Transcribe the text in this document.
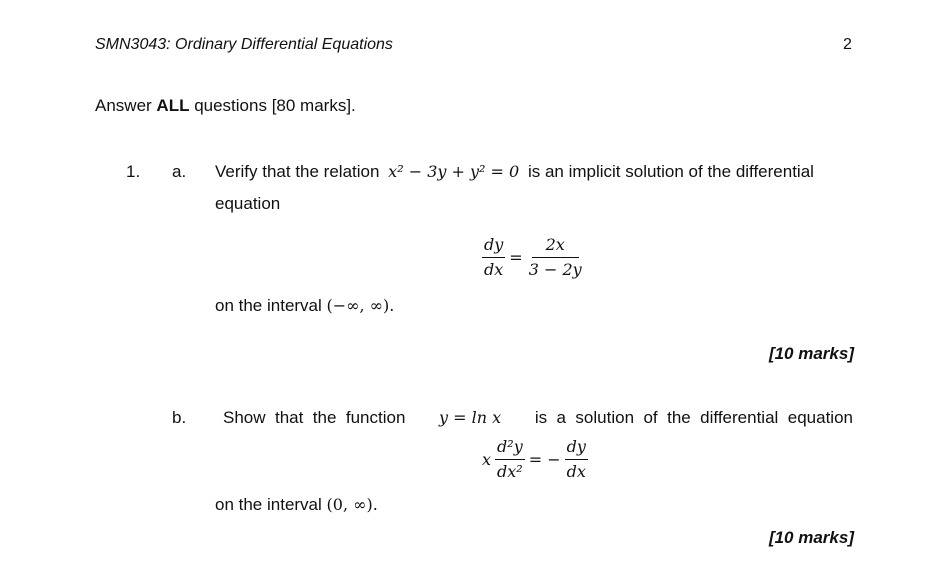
SMN3043: Ordinary Differential Equations	2
Answer ALL questions [80 marks].
1. a. Verify that the relation x² − 3y + y² = 0 is an implicit solution of the differential
equation
$\frac{dy}{dx} = \frac{2x}{3 - 2y}$
on the interval (−∞, ∞).
[10 marks]
b. Show  that  the  function y = ln x is  a  solution  of  the  differential  equation
x $\frac{\text{d²y}}{\text{dx²}}$ = − $\frac{dy}{dx}$
on the interval (0, ∞).
[10 marks]
